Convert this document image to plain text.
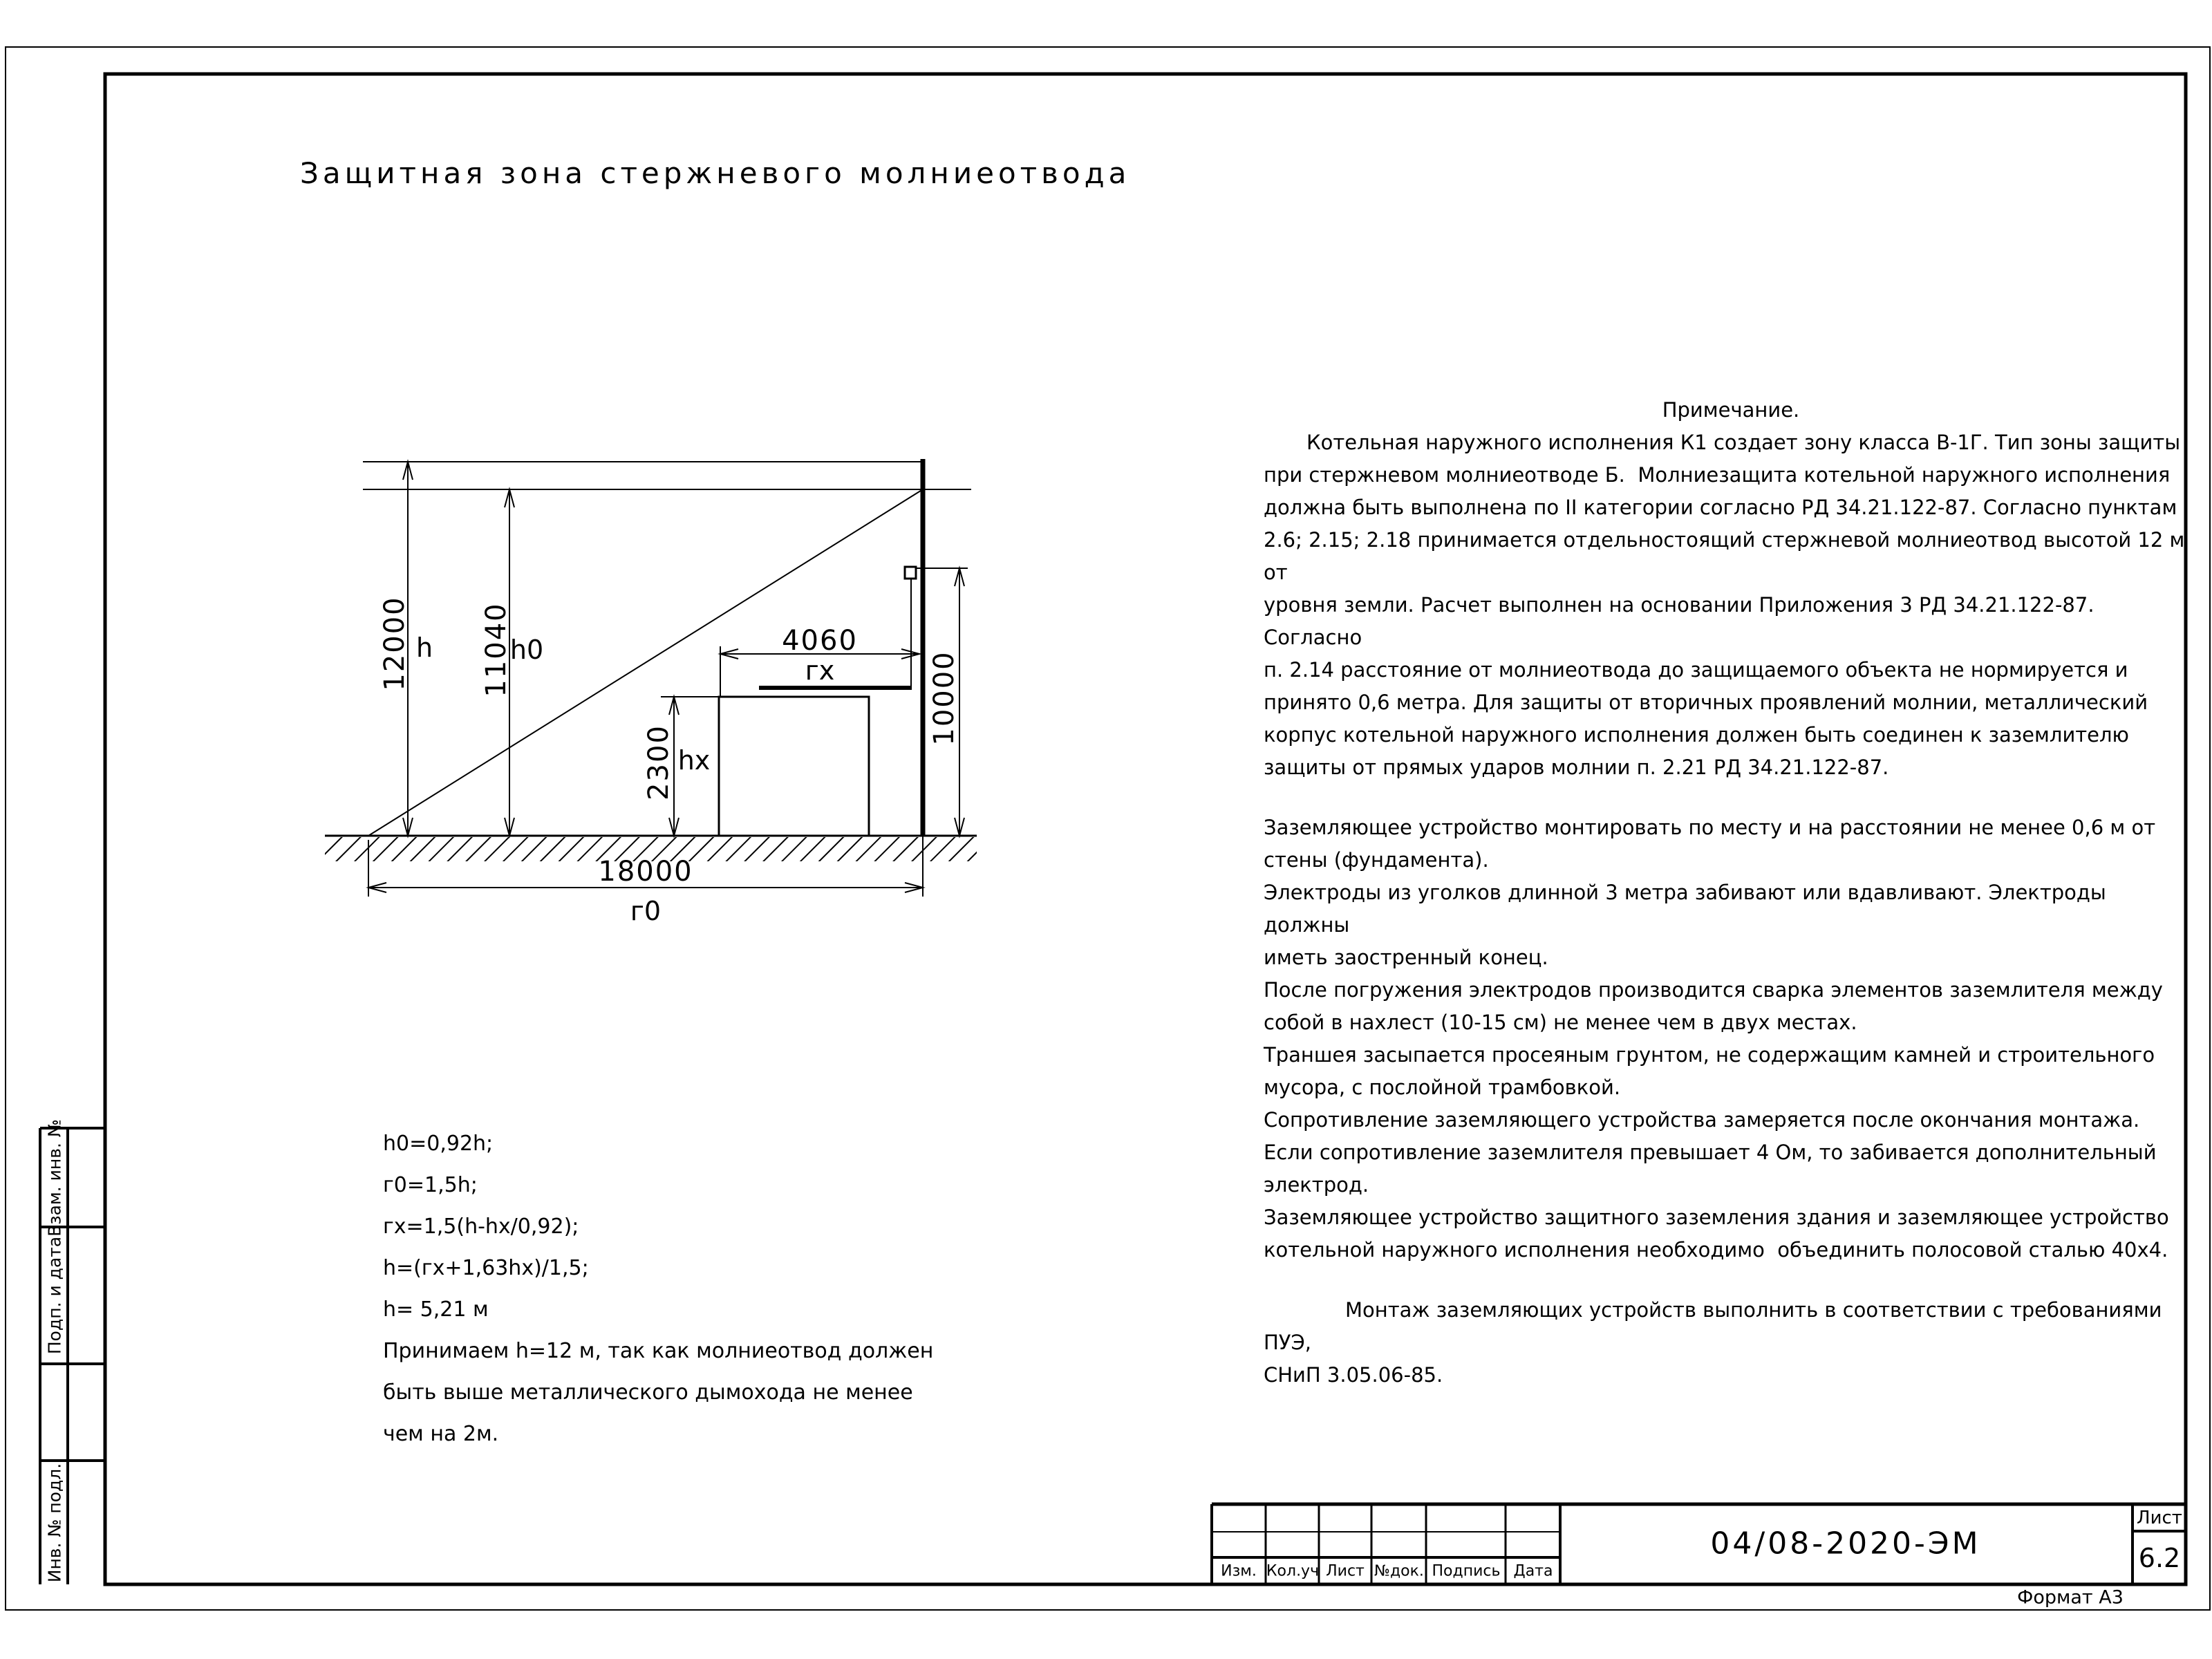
Защитная зона стержневого молниеотвода
12000 h 11040
h0
2300 hx
4060
гх	10000
18000
г0
h0=0,92h;
г0=1,5h;
гх=1,5(h-hx/0,92);
h=(гх+1,63hx)/1,5;
h= 5,21 м
Принимаем h=12 м, так как молниеотвод должен
быть выше металлического дымохода не менее
чем на 2м.
Примечание.
Котельная наружного исполнения К1 создает зону класса В-1Г. Тип зоны защиты
при стержневом молниеотводе Б.  Молниезащита котельной наружного исполнения
должна быть выполнена по II категории согласно РД 34.21.122-87. Согласно пунктам
2.6; 2.15; 2.18 принимается отдельностоящий стержневой молниеотвод высотой 12 м от
уровня земли. Расчет выполнен на основании Приложения 3 РД 34.21.122-87. Согласно
п. 2.14 расстояние от молниеотвода до защищаемого объекта не нормируется и
принято 0,6 метра. Для защиты от вторичных проявлений молнии, металлический
корпус котельной наружного исполнения должен быть соединен к заземлителю
защиты от прямых ударов молнии п. 2.21 РД 34.21.122-87.
Заземляющее устройство монтировать по месту и на расстоянии не менее 0,6 м от
стены (фундамента).
Электроды из уголков длинной 3 метра забивают или вдавливают. Электроды должны
иметь заостренный конец.
После погружения электродов производится сварка элементов заземлителя между
собой в нахлест (10-15 см) не менее чем в двух местах.
Траншея засыпается просеяным грунтом, не содержащим камней и строительного
мусора, с послойной трамбовкой.
Сопротивление заземляющего устройства замеряется после окончания монтажа.
Если сопротивление заземлителя превышает 4 Ом, то забивается дополнительный
электрод.
Заземляющее устройство защитного заземления здания и заземляющее устройство
котельной наружного исполнения необходимо  объединить полосовой сталью 40х4.
Монтаж заземляющих устройств выполнить в соответствии с требованиями ПУЭ,
СНиП 3.05.06-85.
Взам. инв. №
Подп. и дата
Инв. № подл.	Изм. Кол.уч Лист №док. Подпись Дата
04/08-2020-ЭМ
Лист
6.2
Формат А3
